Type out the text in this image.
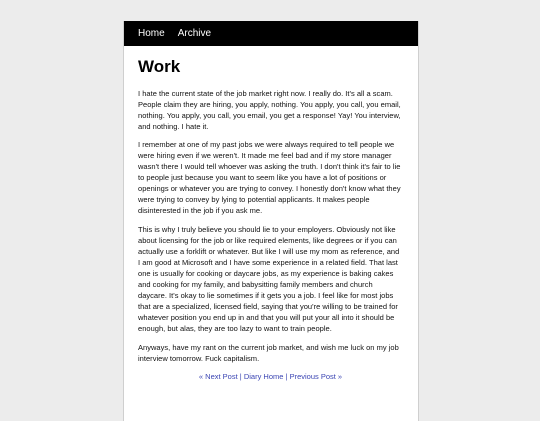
Home Archive
Work

I hate the current state of the job market right now. I really do. It's all a scam. People claim they are hiring, you apply, nothing. You apply, you call, you email, nothing. You apply, you call, you email, you get a response! Yay! You interview, and nothing. I hate it.

I remember at one of my past jobs we were always required to tell people we were hiring even if we weren't. It made me feel bad and if my store manager wasn't there I would tell whoever was asking the truth. I don't think it's fair to lie to people just because you want to seem like you have a lot of positions or openings or whatever you are trying to convey. I honestly don't know what they were trying to convey by lying to potential applicants. It makes people disinterested in the job if you ask me.

This is why I truly believe you should lie to your employers. Obviously not like about licensing for the job or like required elements, like degrees or if you can actually use a forklift or whatever. But like I will use my mom as reference, and I am good at Microsoft and I have some experience in a related field. That last one is usually for cooking or daycare jobs, as my experience is baking cakes and cooking for my family, and babysitting family members and church daycare. It's okay to lie sometimes if it gets you a job. I feel like for most jobs that are a specialized, licensed field, saying that you're willing to be trained for whatever position you end up in and that you will put your all into it should be enough, but alas, they are too lazy to want to train people.

Anyways, have my rant on the current job market, and wish me luck on my job interview tomorrow. Fuck capitalism.

« Next Post | Diary Home | Previous Post »
